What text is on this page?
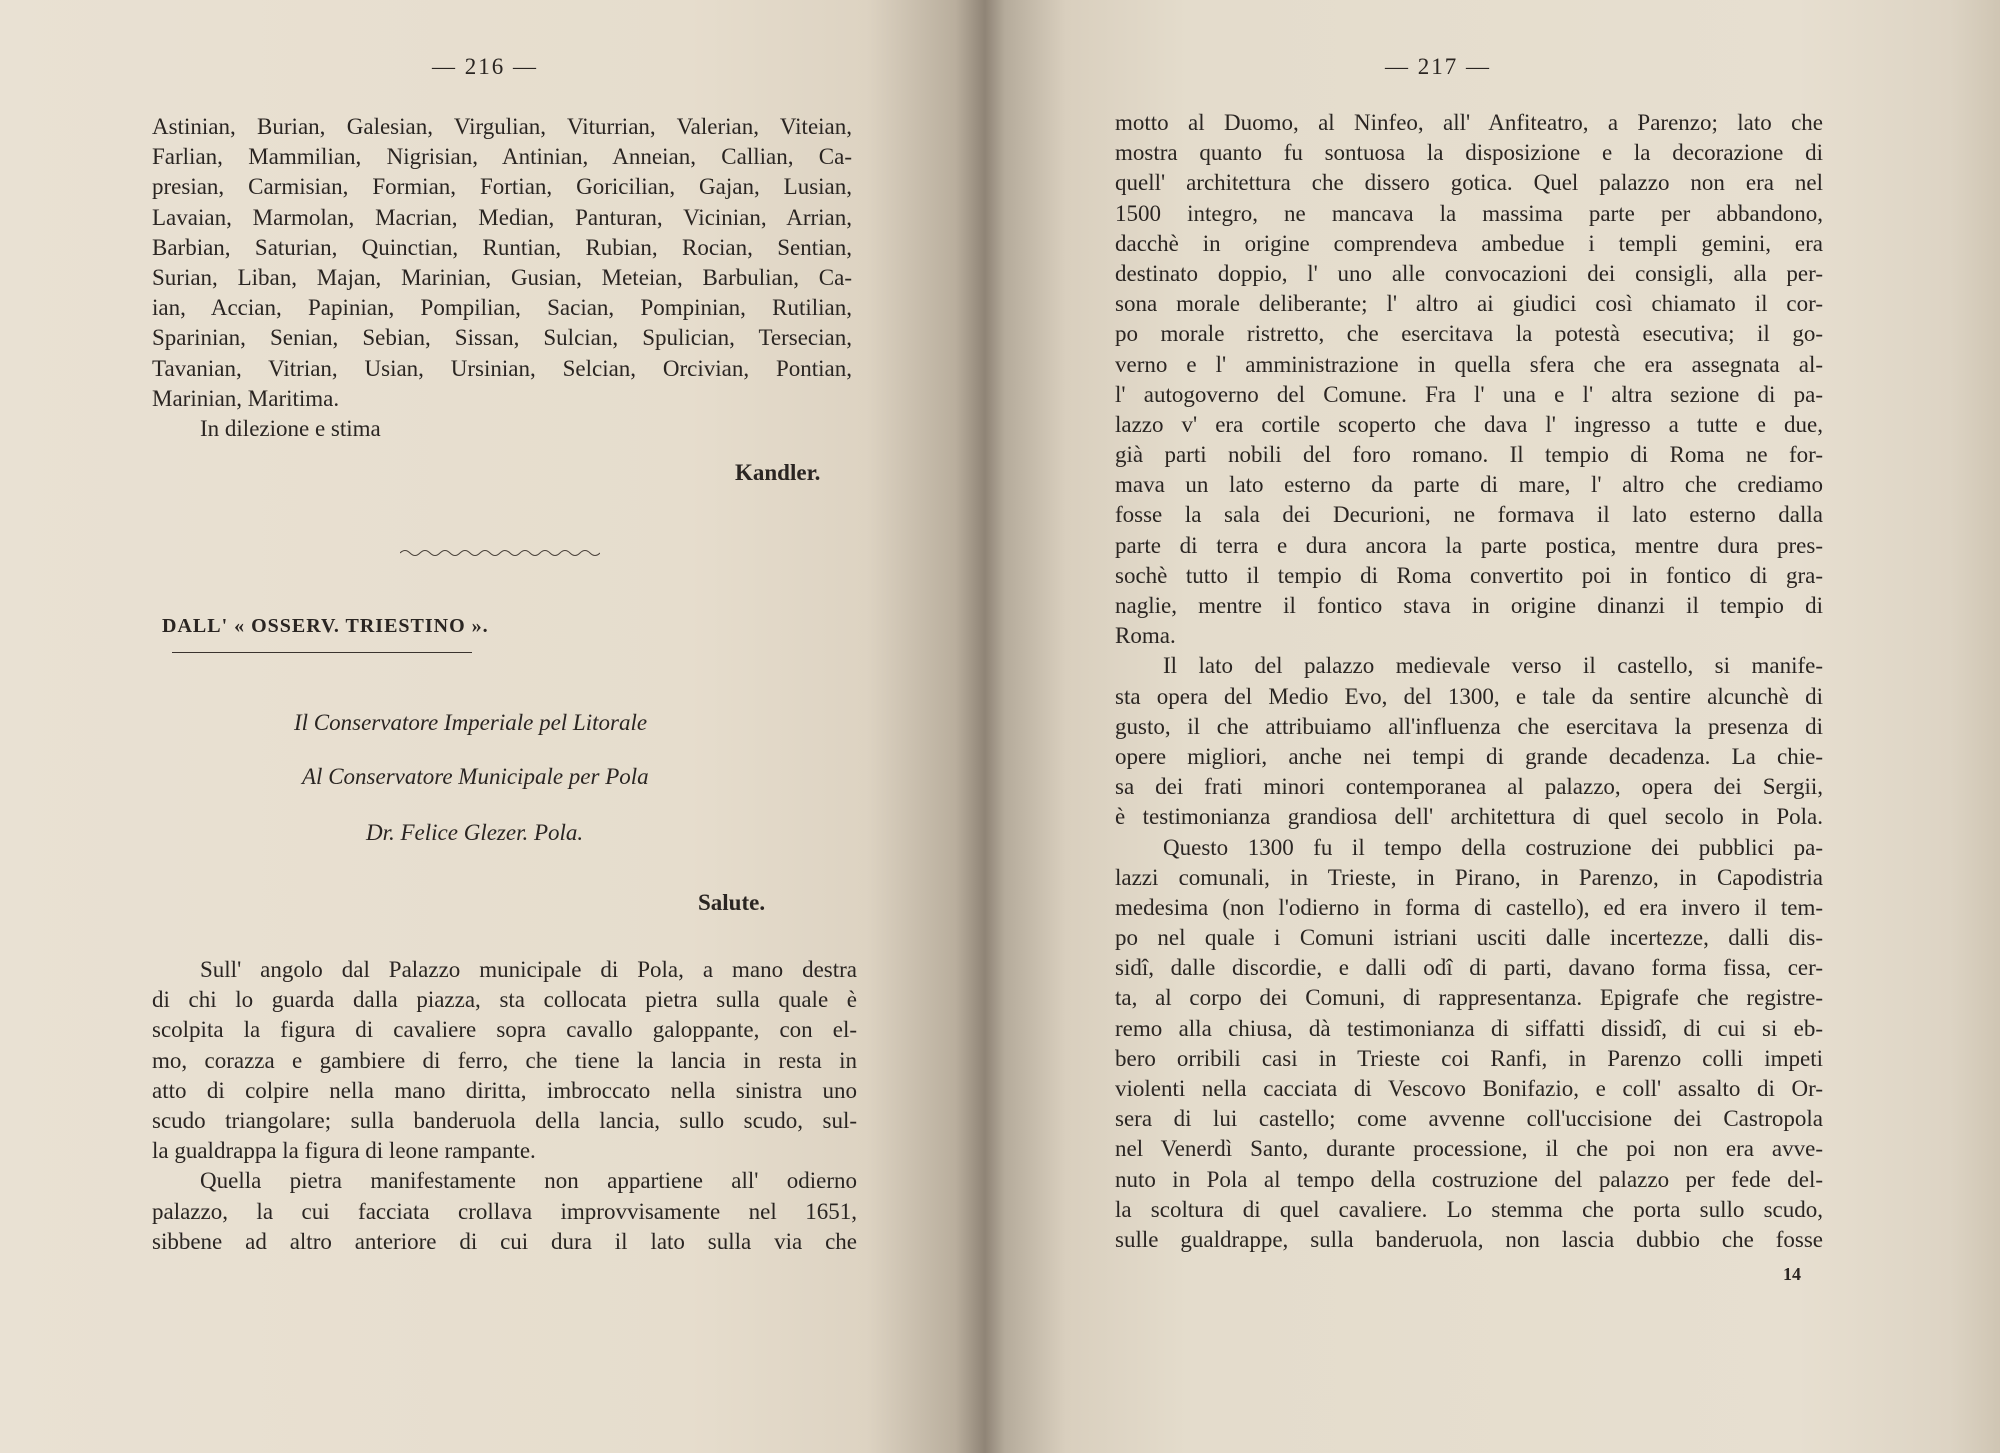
— 216 —
Astinian, Burian, Galesian, Virgulian, Viturrian, Valerian, Viteian,
Farlian, Mammilian, Nigrisian, Antinian, Anneian, Callian, Ca-
presian, Carmisian, Formian, Fortian, Goricilian, Gajan, Lusian,
Lavaian, Marmolan, Macrian, Median, Panturan, Vicinian, Arrian,
Barbian, Saturian, Quinctian, Runtian, Rubian, Rocian, Sentian,
Surian, Liban, Majan, Marinian, Gusian, Meteian, Barbulian, Ca-
ian, Accian, Papinian, Pompilian, Sacian, Pompinian, Rutilian,
Sparinian, Senian, Sebian, Sissan, Sulcian, Spulician, Tersecian,
Tavanian, Vitrian, Usian, Ursinian, Selcian, Orcivian, Pontian,
Marinian, Maritima.
In dilezione e stima
Kandler.
DALL' « OSSERV. TRIESTINO ».
Il Conservatore Imperiale pel Litorale
Al Conservatore Municipale per Pola
Dr. Felice Glezer. Pola.
Salute.
Sull' angolo dal Palazzo municipale di Pola, a mano destra
di chi lo guarda dalla piazza, sta collocata pietra sulla quale è
scolpita la figura di cavaliere sopra cavallo galoppante, con el-
mo, corazza e gambiere di ferro, che tiene la lancia in resta in
atto di colpire nella mano diritta, imbroccato nella sinistra uno
scudo triangolare; sulla banderuola della lancia, sullo scudo, sul-
la gualdrappa la figura di leone rampante.
Quella pietra manifestamente non appartiene all' odierno
palazzo, la cui facciata crollava improvvisamente nel 1651,
sibbene ad altro anteriore di cui dura il lato sulla via che
— 217 —
motto al Duomo, al Ninfeo, all' Anfiteatro, a Parenzo; lato che
mostra quanto fu sontuosa la disposizione e la decorazione di
quell' architettura che dissero gotica. Quel palazzo non era nel
1500 integro, ne mancava la massima parte per abbandono,
dacchè in origine comprendeva ambedue i templi gemini, era
destinato doppio, l' uno alle convocazioni dei consigli, alla per-
sona morale deliberante; l' altro ai giudici così chiamato il cor-
po morale ristretto, che esercitava la potestà esecutiva; il go-
verno e l' amministrazione in quella sfera che era assegnata al-
l' autogoverno del Comune. Fra l' una e l' altra sezione di pa-
lazzo v' era cortile scoperto che dava l' ingresso a tutte e due,
già parti nobili del foro romano. Il tempio di Roma ne for-
mava un lato esterno da parte di mare, l' altro che crediamo
fosse la sala dei Decurioni, ne formava il lato esterno dalla
parte di terra e dura ancora la parte postica, mentre dura pres-
sochè tutto il tempio di Roma convertito poi in fontico di gra-
naglie, mentre il fontico stava in origine dinanzi il tempio di
Roma.
Il lato del palazzo medievale verso il castello, si manife-
sta opera del Medio Evo, del 1300, e tale da sentire alcunchè di
gusto, il che attribuiamo all'influenza che esercitava la presenza di
opere migliori, anche nei tempi di grande decadenza. La chie-
sa dei frati minori contemporanea al palazzo, opera dei Sergii,
è testimonianza grandiosa dell' architettura di quel secolo in Pola.
Questo 1300 fu il tempo della costruzione dei pubblici pa-
lazzi comunali, in Trieste, in Pirano, in Parenzo, in Capodistria
medesima (non l'odierno in forma di castello), ed era invero il tem-
po nel quale i Comuni istriani usciti dalle incertezze, dalli dis-
sidî, dalle discordie, e dalli odî di parti, davano forma fissa, cer-
ta, al corpo dei Comuni, di rappresentanza. Epigrafe che registre-
remo alla chiusa, dà testimonianza di siffatti dissidî, di cui si eb-
bero orribili casi in Trieste coi Ranfi, in Parenzo colli impeti
violenti nella cacciata di Vescovo Bonifazio, e coll' assalto di Or-
sera di lui castello; come avvenne coll'uccisione dei Castropola
nel Venerdì Santo, durante processione, il che poi non era avve-
nuto in Pola al tempo della costruzione del palazzo per fede del-
la scoltura di quel cavaliere. Lo stemma che porta sullo scudo,
sulle gualdrappe, sulla banderuola, non lascia dubbio che fosse
14
